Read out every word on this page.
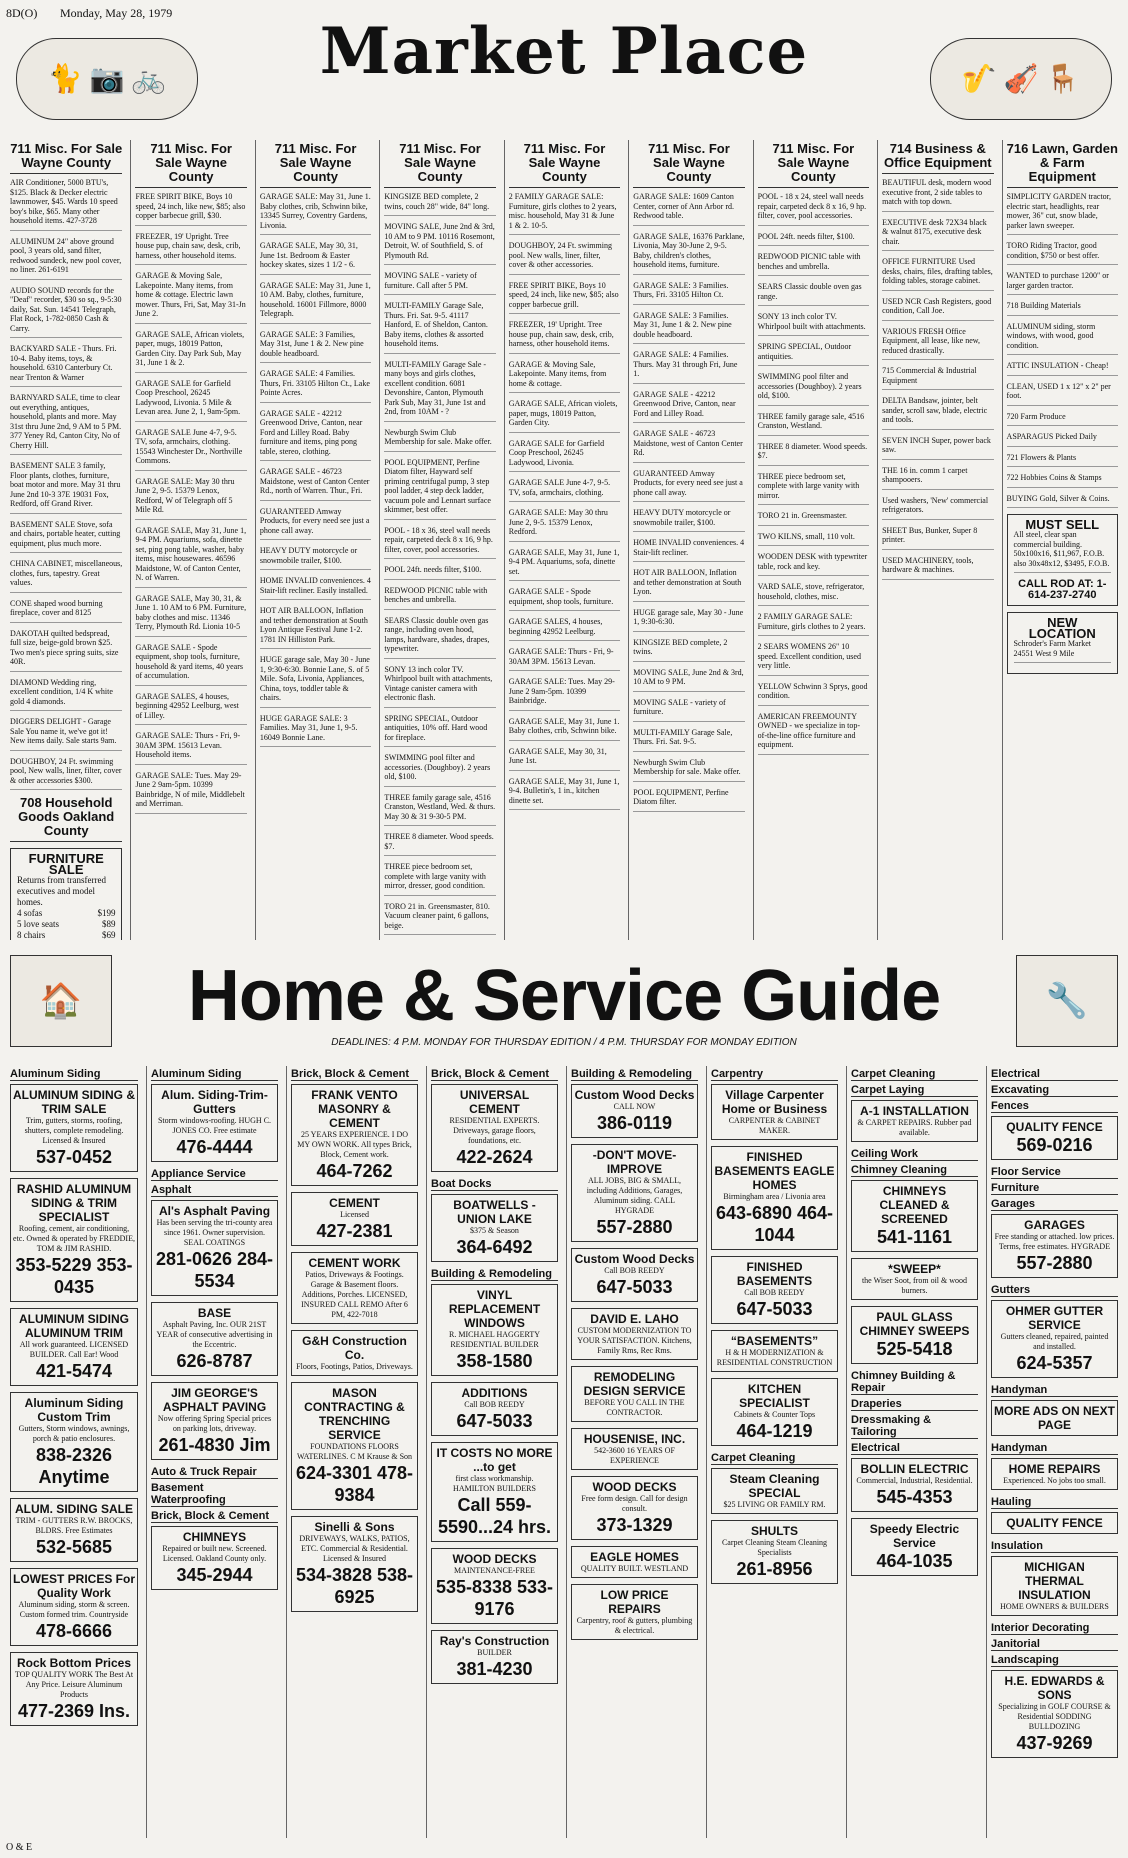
8D(O) Monday, May 28, 1979
🐈 📷 🚲	Market Place	🎷 🎻 🪑
711 Misc. For Sale Wayne County
AIR Conditioner, 5000 BTU's, $125. Black & Decker electric lawnmower, $45. Wards 10 speed boy's bike, $65. Many other household items. 427-3728
ALUMINUM 24" above ground pool, 3 years old, sand filter, redwood sundeck, new pool cover, no liner. 261-6191
AUDIO SOUND records for the "Deaf" recorder, $30 so sq., 9-5:30 daily, Sat. Sun. 14541 Telegraph, Flat Rock, 1-782-0850 Cash & Carry.
BACKYARD SALE - Thurs. Fri. 10-4. Baby items, toys, & household. 6310 Canterbury Ct. near Trenton & Warner
BARNYARD SALE, time to clear out everything, antiques, household, plants and more. May 31st thru June 2nd, 9 AM to 5 PM. 377 Yeney Rd, Canton City, No of Cherry Hill.
BASEMENT SALE 3 family, Floor plants, clothes, furniture, boat motor and more. May 31 thru June 2nd 10-3 37E 19031 Fox, Redford, off Grand River.
BASEMENT SALE Stove, sofa and chairs, portable heater, cutting equipment, plus much more.
CHINA CABINET, miscellaneous, clothes, furs, tapestry. Great values.
CONE shaped wood burning fireplace, cover and 8125
DAKOTAH quilted bedspread, full size, beige-gold brown $25. Two men's piece spring suits, size 40R.
DIAMOND Wedding ring, excellent condition, 1/4 K white gold 4 diamonds.
DIGGERS DELIGHT - Garage Sale You name it, we've got it! New items daily. Sale starts 9am.
DOUGHBOY, 24 Ft. swimming pool, New walls, liner, filter, cover & other accessories $300.
708 Household Goods Oakland County
FURNITURE SALE
Returns from transferred executives and model homes.
4 sofas	$199
5 love seats	$89
8 chairs	$69
711 Misc. For Sale Wayne County
FREE SPIRIT BIKE, Boys 10 speed, 24 inch, like new, $85; also copper barbecue grill, $30.
FREEZER, 19' Upright. Tree house pup, chain saw, desk, crib, harness, other household items.
GARAGE & Moving Sale, Lakepointe. Many items, from home & cottage. Electric lawn mower. Thurs, Fri, Sat, May 31-Jn June 2.
GARAGE SALE, African violets, paper, mugs, 18019 Patton, Garden City. Day Park Sub, May 31, June 1 & 2.
GARAGE SALE for Garfield Coop Preschool, 26245 Ladywood, Livonia. 5 Mile & Levan area. June 2, 1, 9am-5pm.
GARAGE SALE June 4-7, 9-5. TV, sofa, armchairs, clothing. 15543 Winchester Dr., Northville Commons.
GARAGE SALE: May 30 thru June 2, 9-5. 15379 Lenox, Redford, W of Telegraph off 5 Mile Rd.
GARAGE SALE, May 31, June 1, 9-4 PM. Aquariums, sofa, dinette set, ping pong table, washer, baby items, misc housewares. 46596 Maidstone, W. of Canton Center, N. of Warren.
GARAGE SALE, May 30, 31, & June 1. 10 AM to 6 PM. Furniture, baby clothes and misc. 11346 Terry, Plymouth Rd. Lionia 10-5
GARAGE SALE - Spode equipment, shop tools, furniture, household & yard items, 40 years of accumulation.
GARAGE SALES, 4 houses, beginning 42952 Leelburg, west of Lilley.
GARAGE SALE: Thurs - Fri, 9-30AM 3PM. 15613 Levan. Household items.
GARAGE SALE: Tues. May 29-June 2 9am-5pm. 10399 Bainbridge, N of mile, Middlebelt and Merriman.
711 Misc. For Sale Wayne County
GARAGE SALE: May 31, June 1. Baby clothes, crib, Schwinn bike, 13345 Surrey, Coventry Gardens, Livonia.
GARAGE SALE, May 30, 31, June 1st. Bedroom & Easter hockey skates, sizes 1 1/2 - 6.
GARAGE SALE: May 31, June 1, 10 AM. Baby, clothes, furniture, household. 16001 Fillmore, 8000 Telegraph.
GARAGE SALE: 3 Families, May 31st, June 1 & 2. New pine double headboard.
GARAGE SALE: 4 Families. Thurs, Fri. 33105 Hilton Ct., Lake Pointe Acres.
GARAGE SALE - 42212 Greenwood Drive, Canton, near Ford and Lilley Road. Baby furniture and items, ping pong table, stereo, clothing.
GARAGE SALE - 46723 Maidstone, west of Canton Center Rd., north of Warren. Thur., Fri.
GUARANTEED Amway Products, for every need see just a phone call away.
HEAVY DUTY motorcycle or snowmobile trailer, $100.
HOME INVALID conveniences. 4 Stair-lift recliner. Easily installed.
HOT AIR BALLOON, Inflation and tether demonstration at South Lyon Antique Festival June 1-2. 1781 IN Hilliston Park.
HUGE garage sale, May 30 - June 1, 9:30-6:30. Bonnie Lane, S. of 5 Mile. Sofa, Livonia, Appliances, China, toys, toddler table & chairs.
HUGE GARAGE SALE: 3 Families. May 31, June 1, 9-5. 16049 Bonnie Lane.
711 Misc. For Sale Wayne County
KINGSIZE BED complete, 2 twins, couch 28" wide, 84" long.
MOVING SALE, June 2nd & 3rd, 10 AM to 9 PM. 10116 Rosemont, Detroit, W. of Southfield, S. of Plymouth Rd.
MOVING SALE - variety of furniture. Call after 5 PM.
MULTI-FAMILY Garage Sale, Thurs. Fri. Sat. 9-5. 41117 Hanford, E. of Sheldon, Canton. Baby items, clothes & assorted household items.
MULTI-FAMILY Garage Sale - many boys and girls clothes, excellent condition. 6081 Devonshire, Canton, Plymouth Park Sub, May 31, June 1st and 2nd, from 10AM - ?
Newburgh Swim Club Membership for sale. Make offer.
POOL EQUIPMENT, Perfine Diatom filter, Hayward self priming centrifugal pump, 3 step pool ladder, 4 step deck ladder, vacuum pole and Lennart surface skimmer, best offer.
POOL - 18 x 36, steel wall needs repair, carpeted deck 8 x 16, 9 hp. filter, cover, pool accessories.
POOL 24ft. needs filter, $100.
REDWOOD PICNIC table with benches and umbrella.
SEARS Classic double oven gas range, including oven hood, lamps, hardware, shades, drapes, typewriter.
SONY 13 inch color TV. Whirlpool built with attachments, Vintage canister camera with electronic flash.
SPRING SPECIAL, Outdoor antiquities, 10% off. Hard wood for fireplace.
SWIMMING pool filter and accessories. (Doughboy). 2 years old, $100.
THREE family garage sale, 4516 Cranston, Westland, Wed. & thurs. May 30 & 31 9-30-5 PM.
THREE 8 diameter. Wood speeds. $7.
THREE piece bedroom set, complete with large vanity with mirror, dresser, good condition.
TORO 21 in. Greensmaster, 810. Vacuum cleaner paint, 6 gallons, beige.
711 Misc. For Sale Wayne County
2 FAMILY GARAGE SALE: Furniture, girls clothes to 2 years, misc. household, May 31 & June 1 & 2. 10-5.
DOUGHBOY, 24 Ft. swimming pool. New walls, liner, filter, cover & other accessories.
FREE SPIRIT BIKE, Boys 10 speed, 24 inch, like new, $85; also copper barbecue grill.
FREEZER, 19' Upright. Tree house pup, chain saw, desk, crib, harness, other household items.
GARAGE & Moving Sale, Lakepointe. Many items, from home & cottage.
GARAGE SALE, African violets, paper, mugs, 18019 Patton, Garden City.
GARAGE SALE for Garfield Coop Preschool, 26245 Ladywood, Livonia.
GARAGE SALE June 4-7, 9-5. TV, sofa, armchairs, clothing.
GARAGE SALE: May 30 thru June 2, 9-5. 15379 Lenox, Redford.
GARAGE SALE, May 31, June 1, 9-4 PM. Aquariums, sofa, dinette set.
GARAGE SALE - Spode equipment, shop tools, furniture.
GARAGE SALES, 4 houses, beginning 42952 Leelburg.
GARAGE SALE: Thurs - Fri, 9-30AM 3PM. 15613 Levan.
GARAGE SALE: Tues. May 29-June 2 9am-5pm. 10399 Bainbridge.
GARAGE SALE, May 31, June 1. Baby clothes, crib, Schwinn bike.
GARAGE SALE, May 30, 31, June 1st.
GARAGE SALE, May 31, June 1, 9-4. Bulletin's, 1 in., kitchen dinette set.
711 Misc. For Sale Wayne County
GARAGE SALE: 1609 Canton Center, corner of Ann Arbor rd. Redwood table.
GARAGE SALE, 16376 Parklane, Livonia, May 30-June 2, 9-5. Baby, children's clothes, household items, furniture.
GARAGE SALE: 3 Families. Thurs, Fri. 33105 Hilton Ct.
GARAGE SALE: 3 Families. May 31, June 1 & 2. New pine double headboard.
GARAGE SALE: 4 Families. Thurs. May 31 through Fri, June 1.
GARAGE SALE - 42212 Greenwood Drive, Canton, near Ford and Lilley Road.
GARAGE SALE - 46723 Maidstone, west of Canton Center Rd.
GUARANTEED Amway Products, for every need see just a phone call away.
HEAVY DUTY motorcycle or snowmobile trailer, $100.
HOME INVALID conveniences. 4 Stair-lift recliner.
HOT AIR BALLOON, Inflation and tether demonstration at South Lyon.
HUGE garage sale, May 30 - June 1, 9:30-6:30.
KINGSIZE BED complete, 2 twins.
MOVING SALE, June 2nd & 3rd, 10 AM to 9 PM.
MOVING SALE - variety of furniture.
MULTI-FAMILY Garage Sale, Thurs. Fri. Sat. 9-5.
Newburgh Swim Club Membership for sale. Make offer.
POOL EQUIPMENT, Perfine Diatom filter.
711 Misc. For Sale Wayne County
POOL - 18 x 24, steel wall needs repair, carpeted deck 8 x 16, 9 hp. filter, cover, pool accessories.
POOL 24ft. needs filter, $100.
REDWOOD PICNIC table with benches and umbrella.
SEARS Classic double oven gas range.
SONY 13 inch color TV. Whirlpool built with attachments.
SPRING SPECIAL, Outdoor antiquities.
SWIMMING pool filter and accessories (Doughboy). 2 years old, $100.
THREE family garage sale, 4516 Cranston, Westland.
THREE 8 diameter. Wood speeds. $7.
THREE piece bedroom set, complete with large vanity with mirror.
TORO 21 in. Greensmaster.
TWO KILNS, small, 110 volt.
WOODEN DESK with typewriter table, rock and key.
VARD SALE, stove, refrigerator, household, clothes, misc.
2 FAMILY GARAGE SALE: Furniture, girls clothes to 2 years.
2 SEARS WOMENS 26" 10 speed. Excellent condition, used very little.
YELLOW Schwinn 3 Sprys, good condition.
AMERICAN FREEMOUNTY OWNED - we specialize in top-of-the-line office furniture and equipment.
714 Business & Office Equipment
BEAUTIFUL desk, modern wood executive front, 2 side tables to match with top down.
EXECUTIVE desk 72X34 black & walnut 8175, executive desk chair.
OFFICE FURNITURE Used desks, chairs, files, drafting tables, folding tables, storage cabinet.
USED NCR Cash Registers, good condition, Call Joe.
VARIOUS FRESH Office Equipment, all lease, like new, reduced drastically.
715 Commercial & Industrial Equipment
DELTA Bandsaw, jointer, belt sander, scroll saw, blade, electric and tools.
SEVEN INCH Super, power back saw.
THE 16 in. comm 1 carpet shampooers.
Used washers, 'New' commercial refrigerators.
SHEET Bus, Bunker, Super 8 printer.
USED MACHINERY, tools, hardware & machines.
716 Lawn, Garden & Farm Equipment
SIMPLICITY GARDEN tractor, electric start, headlights, rear mower, 36" cut, snow blade, parker lawn sweeper.
TORO Riding Tractor, good condition, $750 or best offer.
WANTED to purchase 1200" or larger garden tractor.
718 Building Materials
ALUMINUM siding, storm windows, with wood, good condition.
ATTIC INSULATION - Cheap!
CLEAN, USED 1 x 12" x 2" per foot.
720 Farm Produce
ASPARAGUS Picked Daily
721 Flowers & Plants
722 Hobbies Coins & Stamps
BUYING Gold, Silver & Coins.
MUST SELL
All steel, clear span commercial building. 50x100x16, $11,967, F.O.B. also 30x48x12, $3495, F.O.B.
CALL ROD AT: 1-614-237-2740
NEW LOCATION
Schroder's Farm Market 24551 West 9 Mile
🏠	Home & Service Guide
DEADLINES: 4 P.M. MONDAY FOR THURSDAY EDITION / 4 P.M. THURSDAY FOR MONDAY EDITION
🔧
Aluminum Siding
ALUMINUM SIDING & TRIM SALE
Trim, gutters, storms, roofing, shutters, complete remodeling. Licensed & Insured
537-0452
RASHID ALUMINUM SIDING & TRIM SPECIALIST
Roofing, cement, air conditioning, etc. Owned & operated by FREDDIE, TOM & JIM RASHID.
353-5229 353-0435
ALUMINUM SIDING ALUMINUM TRIM
All work guaranteed. LICENSED BUILDER. Call Ear! Wood
421-5474
Aluminum Siding Custom Trim
Gutters, Storm windows, awnings, porch & patio enclosures.
838-2326 Anytime
ALUM. SIDING SALE
TRIM - GUTTERS R.W. BROCKS, BLDRS. Free Estimates
532-5685
LOWEST PRICES For Quality Work
Aluminum siding, storm & screen. Custom formed trim. Countryside
478-6666
Rock Bottom Prices
TOP QUALITY WORK The Best At Any Price. Leisure Aluminum Products
477-2369 Ins.
Aluminum Siding
Alum. Siding-Trim-Gutters
Storm windows-roofing. HUGH C. JONES CO. Free estimate
476-4444
Appliance Service
Asphalt
Al's Asphalt Paving
Has been serving the tri-county area since 1961. Owner supervision. SEAL COATINGS
281-0626 284-5534
BASE
Asphalt Paving, Inc. OUR 21ST YEAR of consecutive advertising in the Eccentric.
626-8787
JIM GEORGE'S ASPHALT PAVING
Now offering Spring Special prices on parking lots, driveway.
261-4830 Jim
Auto & Truck Repair
Basement Waterproofing
Brick, Block & Cement
CHIMNEYS
Repaired or built new. Screened. Licensed. Oakland County only.
345-2944
Brick, Block & Cement
FRANK VENTO MASONRY & CEMENT
25 YEARS EXPERIENCE. I DO MY OWN WORK. All types Brick, Block, Cement work.
464-7262
CEMENT
Licensed
427-2381
CEMENT WORK
Patios, Driveways & Footings. Garage & Basement floors. Additions, Porches. LICENSED, INSURED CALL REMO After 6 PM, 422-7018
G&H Construction Co.
Floors, Footings, Patios, Driveways.
MASON CONTRACTING & TRENCHING SERVICE
FOUNDATIONS FLOORS WATERLINES. C M Krause & Son
624-3301 478-9384
Sinelli & Sons
DRIVEWAYS, WALKS, PATIOS, ETC. Commercial & Residential. Licensed & Insured
534-3828 538-6925
Brick, Block & Cement
UNIVERSAL CEMENT
RESIDENTIAL EXPERTS. Driveways, garage floors, foundations, etc.
422-2624
Boat Docks
BOATWELLS - UNION LAKE
$375 & Season
364-6492
Building & Remodeling
VINYL REPLACEMENT WINDOWS
R. MICHAEL HAGGERTY RESIDENTIAL BUILDER
358-1580
ADDITIONS
Call BOB REEDY
647-5033
IT COSTS NO MORE ...to get
first class workmanship. HAMILTON BUILDERS
Call 559-5590...24 hrs.
WOOD DECKS
MAINTENANCE-FREE
535-8338 533-9176
Ray's Construction
BUILDER
381-4230
Building & Remodeling
Custom Wood Decks
CALL NOW
386-0119
-DON'T MOVE- IMPROVE
ALL JOBS, BIG & SMALL, including Additions, Garages, Aluminum siding. CALL HYGRADE
557-2880
Custom Wood Decks
Call BOB REEDY
647-5033
DAVID E. LAHO
CUSTOM MODERNIZATION TO YOUR SATISFACTION. Kitchens, Family Rms, Rec Rms.
REMODELING DESIGN SERVICE
BEFORE YOU CALL IN THE CONTRACTOR.
HOUSENISE, INC.
542-3600 16 YEARS OF EXPERIENCE
WOOD DECKS
Free form design. Call for design consult.
373-1329
EAGLE HOMES
QUALITY BUILT. WESTLAND
LOW PRICE REPAIRS
Carpentry, roof & gutters, plumbing & electrical.
Carpentry
Village Carpenter Home or Business
CARPENTER & CABINET MAKER.
FINISHED BASEMENTS EAGLE HOMES
Birmingham area / Livonia area
643-6890 464-1044
FINISHED BASEMENTS
Call BOB REEDY
647-5033
“BASEMENTS”
H & H MODERNIZATION & RESIDENTIAL CONSTRUCTION
KITCHEN SPECIALIST
Cabinets & Counter Tops
464-1219
Carpet Cleaning
Steam Cleaning SPECIAL
$25 LIVING OR FAMILY RM.
SHULTS
Carpet Cleaning Steam Cleaning Specialists
261-8956
Carpet Cleaning
Carpet Laying
A-1 INSTALLATION
& CARPET REPAIRS. Rubber pad available.
Ceiling Work
Chimney Cleaning
CHIMNEYS CLEANED & SCREENED
541-1161
*SWEEP*
the Wiser Soot, from oil & wood burners.
PAUL GLASS CHIMNEY SWEEPS
525-5418
Chimney Building & Repair
Draperies
Dressmaking & Tailoring
Electrical
BOLLIN ELECTRIC
Commercial, Industrial, Residential.
545-4353
Speedy Electric Service
464-1035
Electrical
Excavating
Fences
QUALITY FENCE
569-0216
Floor Service
Furniture
Garages
GARAGES
Free standing or attached. low prices. Terms, free estimates. HYGRADE
557-2880
Gutters
OHMER GUTTER SERVICE
Gutters cleaned, repaired, painted and installed.
624-5357
Handyman
MORE ADS ON NEXT PAGE
Handyman
HOME REPAIRS
Experienced. No jobs too small.
Hauling
QUALITY FENCE
Insulation
MICHIGAN THERMAL INSULATION
HOME OWNERS & BUILDERS
Interior Decorating
Janitorial
Landscaping
H.E. EDWARDS & SONS
Specializing in GOLF COURSE & Residential SODDING BULLDOZING
437-9269
O & E
